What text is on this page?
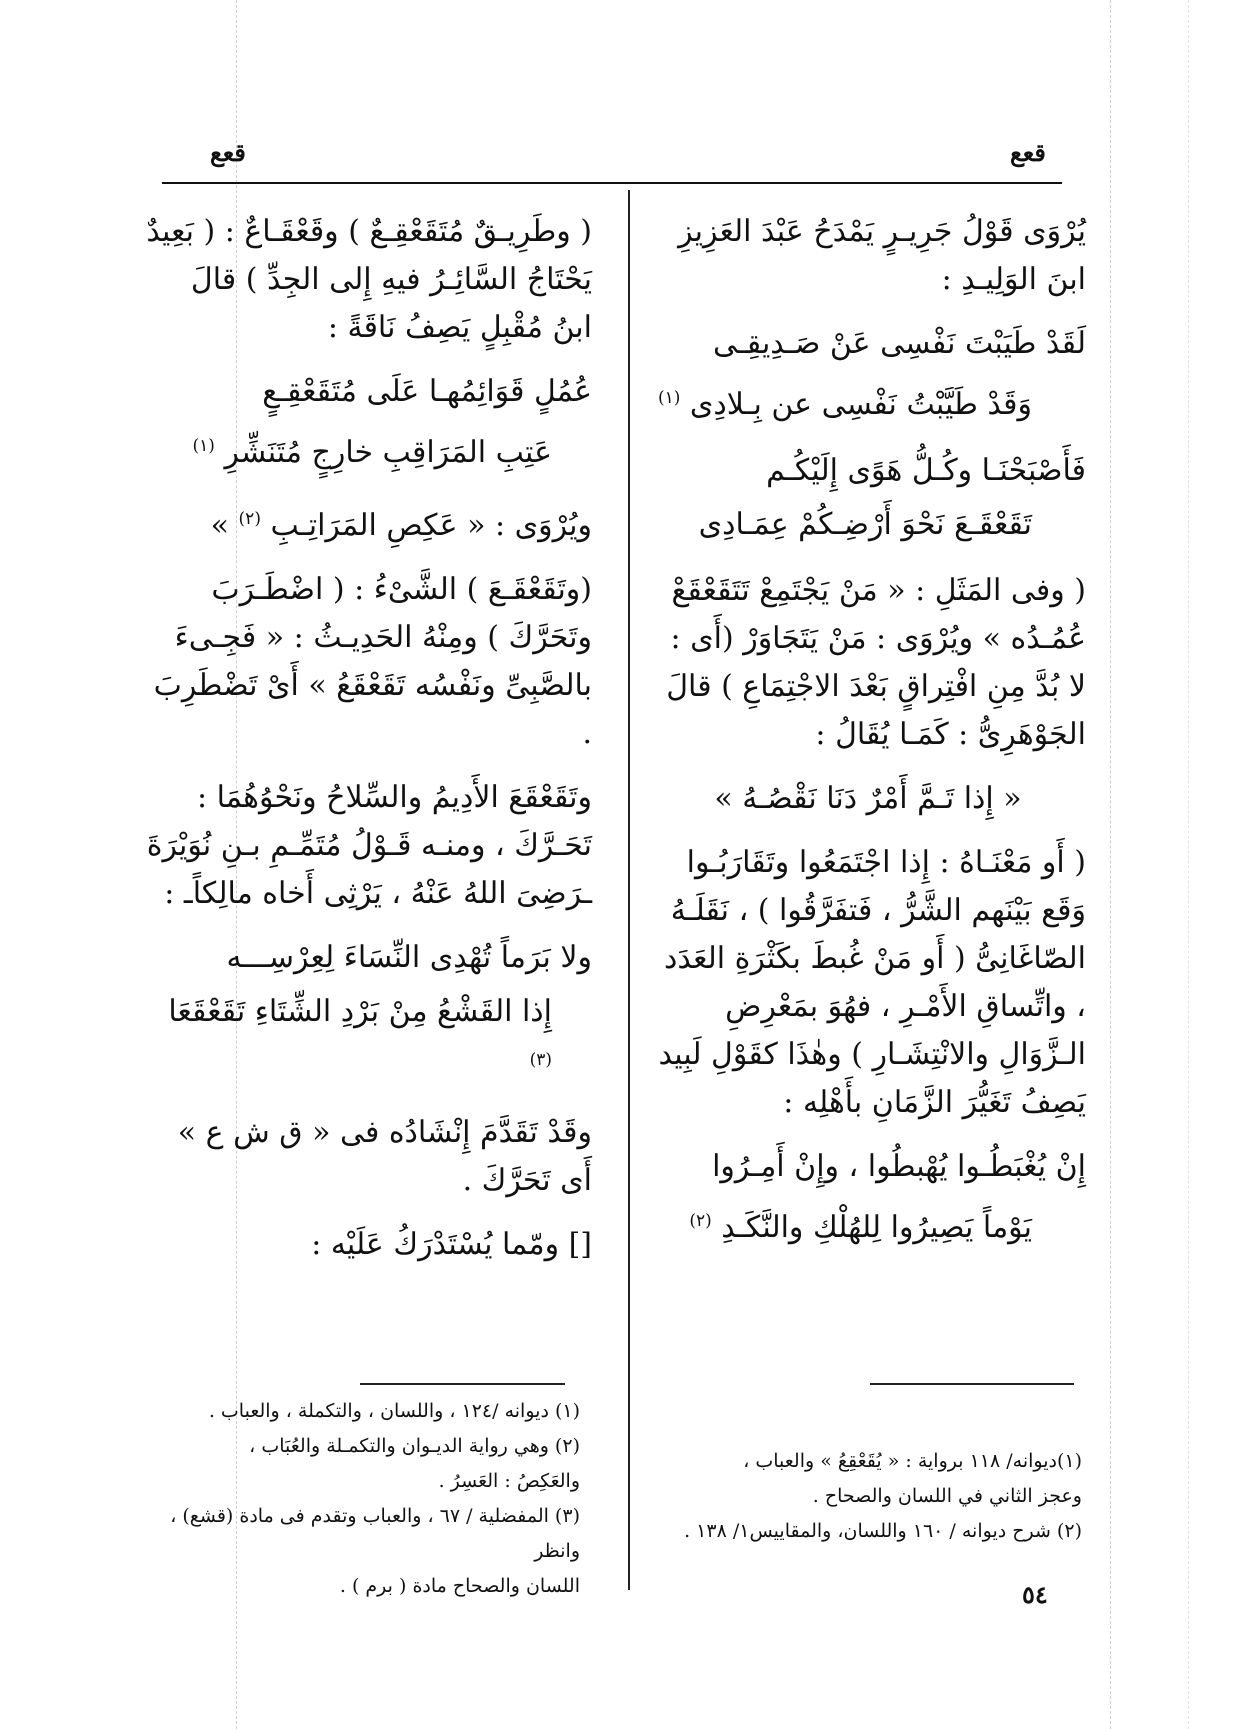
قعع
قعع

يُرْوَى قَوْلُ جَرِيـرٍ يَمْدَحُ عَبْدَ العَزِيزِ ابنَ الوَلِيـدِ :

لَقَدْ طَيَبْتَ نَفْسِى عَنْ صَـدِيقِـى

وَقَدْ طَيَّبْتُ نَفْسِى عن بِـلادِى $^{(١)}$

فَأَصْبَحْنَـا وكُـلُّ هَوًى إِلَيْكُـم

تَقَعْقَـعَ نَحْوَ أَرْضِـكُمْ عِمَـادِى

( وفى المَثَلِ : « مَنْ يَجْتَمِعْ تَتَقَعْقَعْ عُمُـدُه » ويُرْوَى : مَنْ يَتَجَاوَرْ (أَى : لا بُدَّ مِنِ افْتِراقٍ بَعْدَ الاجْتِمَاعِ ) قالَ الجَوْهَرِىُّ : كَمَـا يُقَالُ :

« إِذا تَـمَّ أَمْرٌ دَنَا نَقْصُـهُ »

( أَو مَعْنَـاهُ : إِذا اجْتَمَعُوا وتَقَارَبُـوا وَقَع بَيْنَهم الشَّرُّ ، فَتفَرَّقُوا ) ، نَقَلَـهُ الصّاغَانِىُّ ( أَو مَنْ غُبطَ بكَثْرَةِ العَدَد ، واتِّساقِ الأَمْـرِ ، فهُوَ بمَعْرِضِ الـزَّوَالِ والانْتِشَـارِ ) وهٰذَا كقَوْلِ لَبِيد يَصِفُ تَغَيُّرَ الزَّمَانِ بأَهْلِه :

إِنْ يُغْبَطُـوا يُهْبطُوا ، وإِنْ أَمِـرُوا

يَوْماً يَصِيرُوا لِلهُلْكِ والنَّكَـدِ $^{(٢)}$

( وطَرِيـقٌ مُتَقَعْقِـعٌ ) وقَعْقَـاعٌ : ( بَعِيدٌ يَحْتَاجُ السَّائِـرُ فيهِ إِلى الجِدِّ ) قالَ ابنُ مُقْبِلٍ يَصِفُ نَاقَةً :

عُمُلٍ قَوَائِمُهـا عَلَى مُتَقَعْقِـعٍ

عَتِبِ المَرَاقِبِ خارِجٍ مُتَنَشِّرِ $^{(١)}$

ويُرْوَى : « عَكِصِ المَرَاتِـبِ $^{(٢)}$ »

(وتَقَعْقَـعَ ) الشَّىْءُ : ( اضْطَـرَبَ وتَحَرَّكَ ) ومِنْهُ الحَدِيـثُ : « فَجِـىءَ بالصَّبِىِّ ونَفْسُه تَقَعْقَعُ » أَىْ تَضْطَرِبَ .

وتَقَعْقَعَ الأَدِيمُ والسِّلاحُ ونَحْوُهُمَا : تَحَـرَّكَ ، ومنـه قَـوْلُ مُتَمِّـمِ بـنِ نُوَيْرَةَ ـرَضِىَ اللهُ عَنْهُ ، يَرْثِى أَخاه مالِكاًـ :

ولا بَرَماً تُهْدِى النِّسَاءَ لِعِرْسِـــه

إِذا القَشْعُ مِنْ بَرْدِ الشِّتَاءِ تَقَعْقَعَا $^{(٣)}$

وقَدْ تَقَدَّمَ إِنْشَادُه فى « ق ش ع » أَى تَحَرَّكَ .

[] ومّما يُسْتَدْرَكُ عَلَيْه :

(١)ديوانه/ ١١٨ برواية : « يُقَعْقِعُ » والعباب ،

وعجز الثاني في اللسان والصحاح .

(٢) شرح ديوانه / ١٦٠ واللسان، والمقاييس١/ ١٣٨ .

(١) ديوانه /١٢٤ ، واللسان ، والتكملة ، والعباب .

(٢) وهي رواية الديـوان والتكمـلة والعُبَاب ،

والعَكِصُ : العَسِرُ .

(٣) المفضلية / ٦٧ ، والعباب وتقدم فى مادة (قشع) ، وانظر

اللسان والصحاح مادة ( برم ) .	٥٤
